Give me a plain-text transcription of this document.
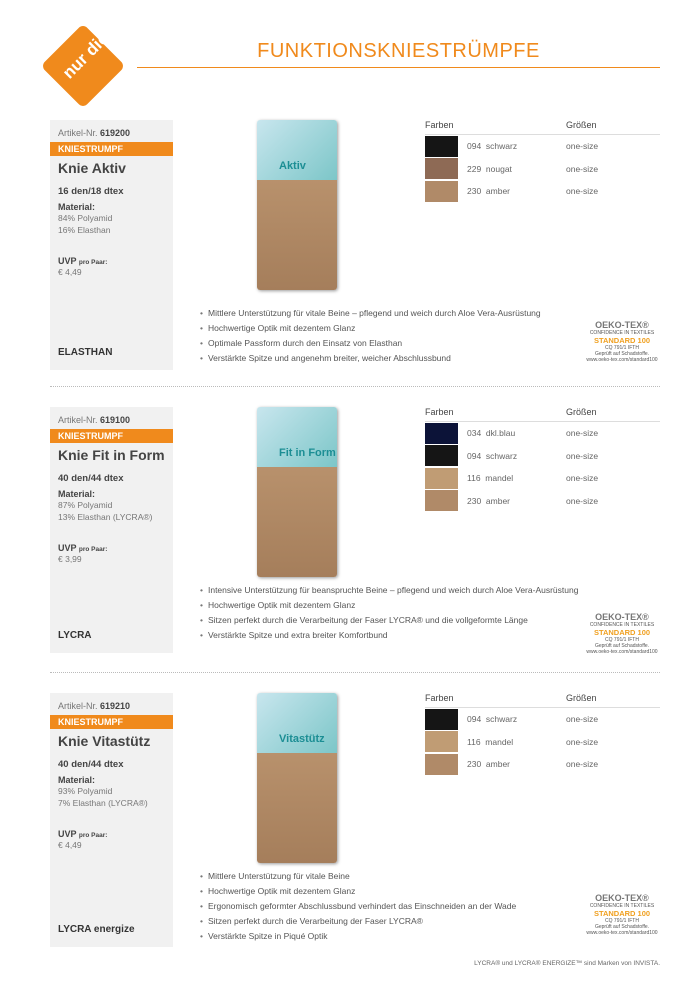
nur die	FUNKTIONSKNIESTRÜMPFE
Artikel-Nr. 619200
KNIESTRUMPF
Knie Aktiv
16 den/18 dtex
Material:
84% Polyamid
16% Elasthan
UVP pro Paar:
€ 4,49
ELASTHAN
Aktiv
Farben	Größen
094 schwarz	one-size
229 nougat	one-size
230 amber	one-size
• Mittlere Unterstützung für vitale Beine – pflegend und weich durch Aloe Vera-Ausrüstung
• Hochwertige Optik mit dezentem Glanz
• Optimale Passform durch den Einsatz von Elasthan
• Verstärkte Spitze und angenehm breiter, weicher Abschlussbund
OEKO-TEX®
CONFIDENCE IN TEXTILES
STANDARD 100
CQ 791/1 IFTH
Geprüft auf Schadstoffe.
www.oeko-tex.com/standard100
Artikel-Nr. 619100
KNIESTRUMPF
Knie Fit in Form
40 den/44 dtex
Material:
87% Polyamid
13% Elasthan (LYCRA®)
UVP pro Paar:
€ 3,99
LYCRA
Fit in Form
Farben	Größen
034 dkl.blau	one-size
094 schwarz	one-size
116 mandel	one-size
230 amber	one-size
• Intensive Unterstützung für beanspruchte Beine – pflegend und weich durch Aloe Vera-Ausrüstung
• Hochwertige Optik mit dezentem Glanz
• Sitzen perfekt durch die Verarbeitung der Faser LYCRA® und die vollgeformte Länge
• Verstärkte Spitze und extra breiter Komfortbund
OEKO-TEX®
CONFIDENCE IN TEXTILES
STANDARD 100
CQ 791/1 IFTH
Geprüft auf Schadstoffe.
www.oeko-tex.com/standard100
Artikel-Nr. 619210
KNIESTRUMPF
Knie Vitastütz
40 den/44 dtex
Material:
93% Polyamid
7% Elasthan (LYCRA®)
UVP pro Paar:
€ 4,49
LYCRA energize
Vitastütz
Farben	Größen
094 schwarz	one-size
116 mandel	one-size
230 amber	one-size
• Mittlere Unterstützung für vitale Beine
• Hochwertige Optik mit dezentem Glanz
• Ergonomisch geformter Abschlussbund verhindert das Einschneiden an der Wade
• Sitzen perfekt durch die Verarbeitung der Faser LYCRA®
• Verstärkte Spitze in Piqué Optik
OEKO-TEX®
CONFIDENCE IN TEXTILES
STANDARD 100
CQ 791/1 IFTH
Geprüft auf Schadstoffe.
www.oeko-tex.com/standard100
LYCRA® und LYCRA® ENERGIZE™ sind Marken von INVISTA.
